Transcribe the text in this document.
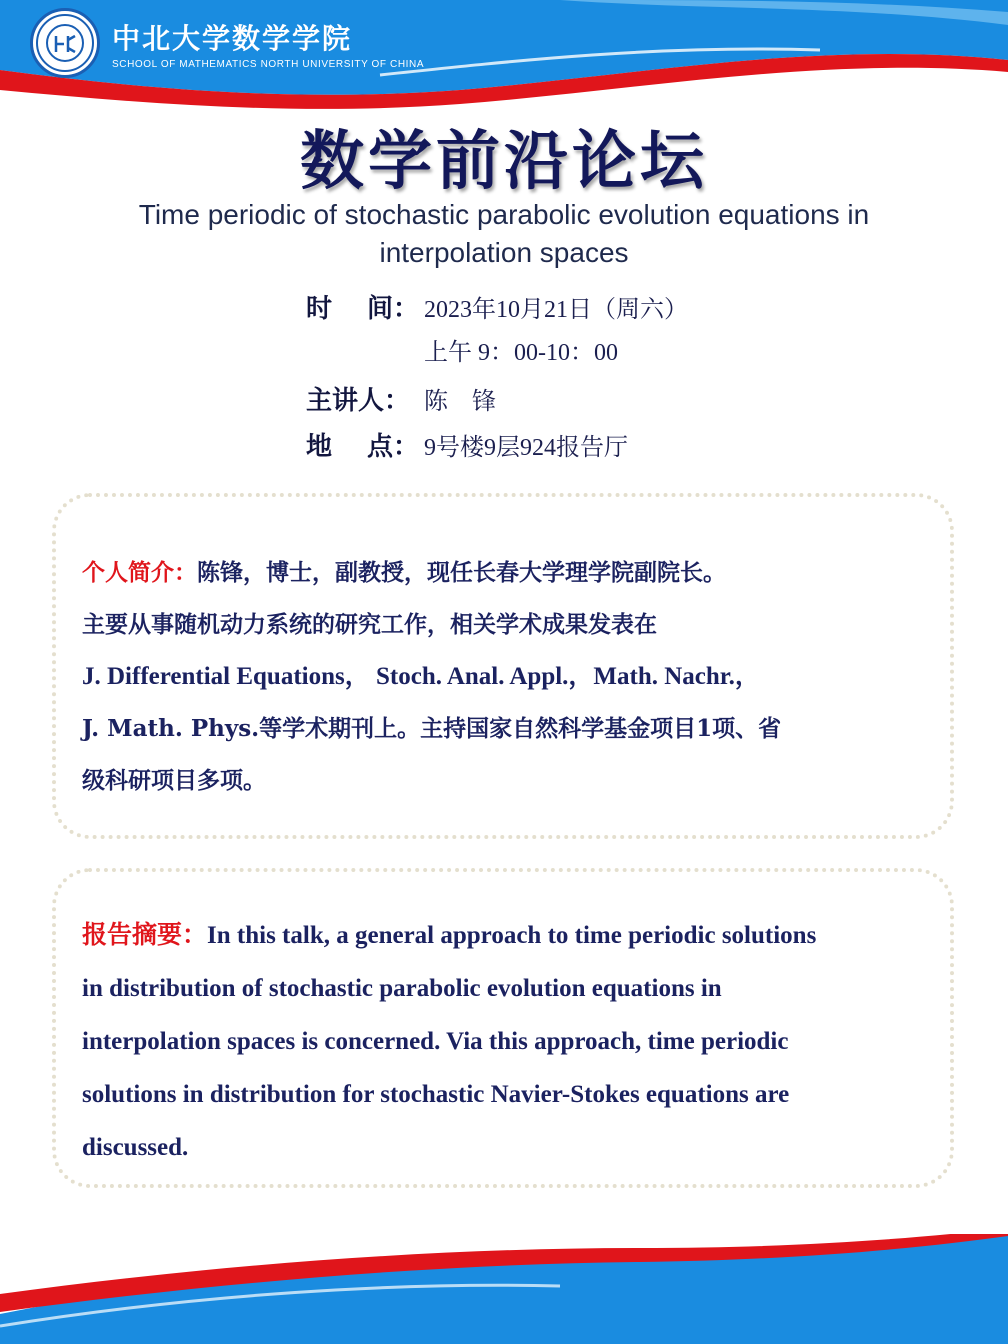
中北大学数学学院
SCHOOL OF MATHEMATICS NORTH UNIVERSITY OF CHINA
数学前沿论坛
Time periodic of stochastic parabolic evolution equations in
interpolation spaces
时　 间： 2023年10月21日（周六）
上午 9：00-10：00
主讲人： 陈　锋
地　 点： 9号楼9层924报告厅
个人简介：陈锋，博士，副教授，现任长春大学理学院副院长。
主要从事随机动力系统的研究工作，相关学术成果发表在
J. Differential Equations， Stoch. Anal. Appl.，Math. Nachr.，
J. Math. Phys.等学术期刊上。主持国家自然科学基金项目1项、省
级科研项目多项。
报告摘要：In this talk, a general approach to time periodic solutions
in distribution of stochastic parabolic evolution equations in
interpolation spaces is concerned. Via this approach, time periodic
solutions in distribution for stochastic Navier-Stokes equations are
discussed.
